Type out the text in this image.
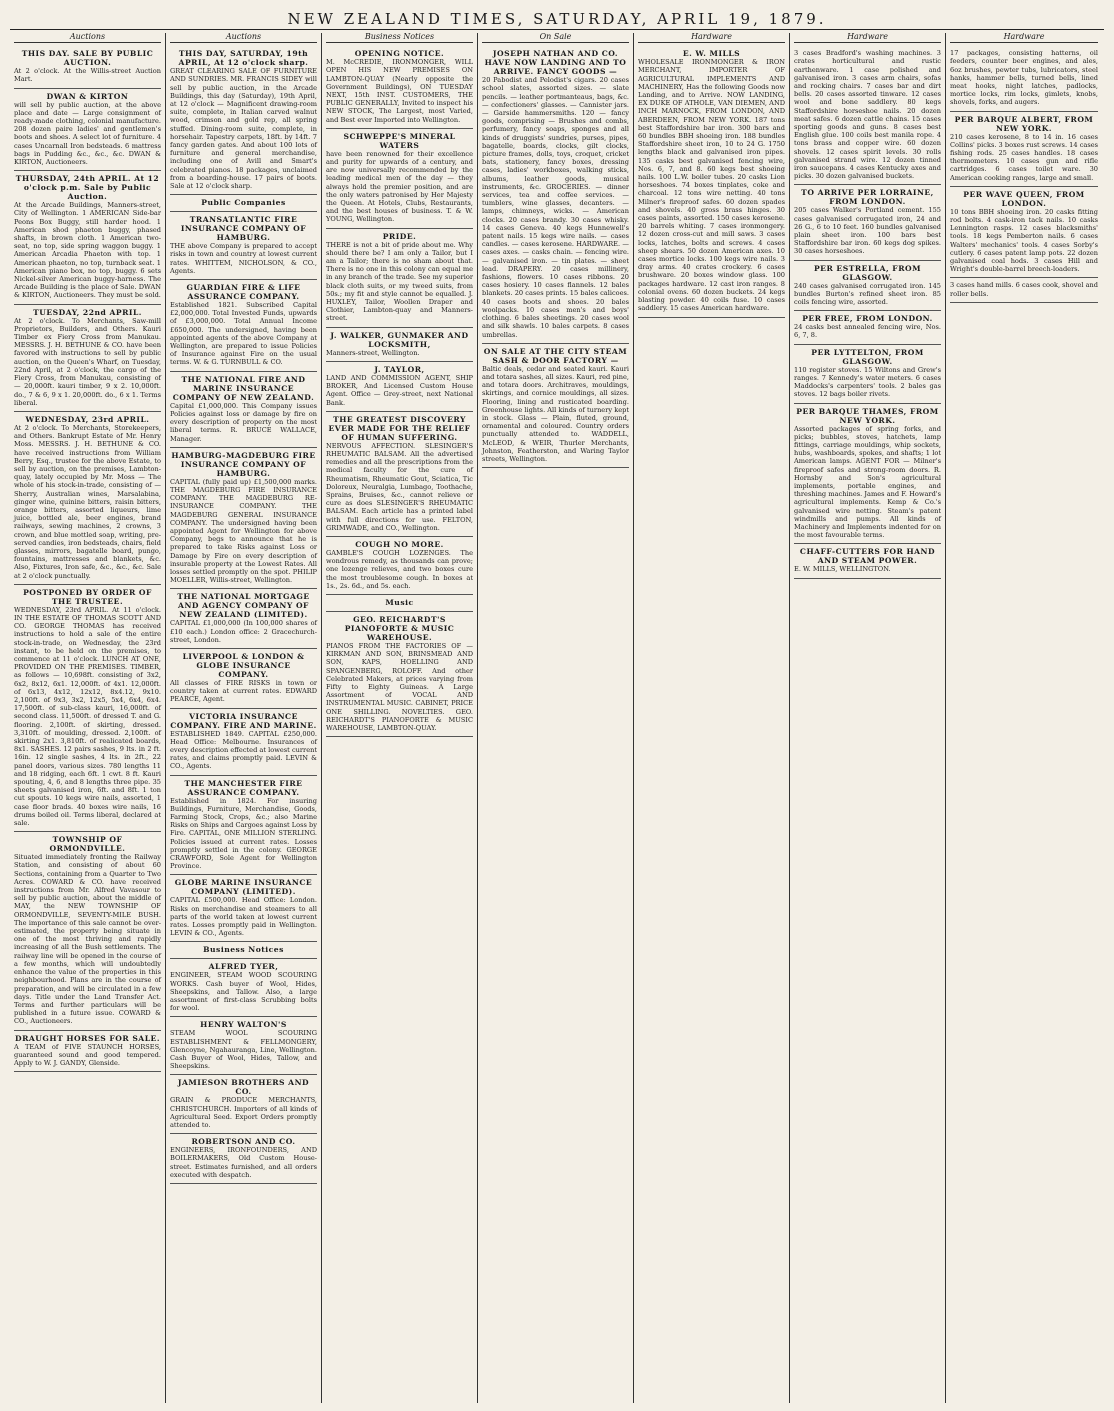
NEW ZEALAND TIMES, SATURDAY, APRIL 19, 1879.
Auctions
THIS DAY. SALE BY PUBLIC AUCTION.
At 2 o'clock. At the Willis-street Auction Mart.
DWAN & KIRTON
will sell by public auction, at the above place and date — Large consignment of ready-made clothing, colonial manufacture. 208 dozen paire ladies' and gentlemen's boots and shoes. A select lot of furniture. 4 cases Uncarnall Iron bedsteads. 6 mattress bags in Pudding &c., &c., &c. DWAN & KIRTON, Auctioneers.
THURSDAY, 24th APRIL. At 12 o'clock p.m. Sale by Public Auction.
At the Arcade Buildings, Manners-street, City of Wellington. 1 AMERICAN Side-bar Peons Box Buggy, still harder hood. 1 American shod phaeton buggy, phased shafts, in brown cloth. 1 American two-seat, no top, side spring waggon buggy. 1 American Arcadia Phaeton with top. 1 American phaeton, no top, turnback seat. 1 American piano box, no top, buggy. 6 sets Nickel-silver American buggy-harness. The Arcade Building is the place of Sale. DWAN & KIRTON, Auctioneers. They must be sold.
TUESDAY, 22nd APRIL.
At 2 o'clock. To Merchants, Saw-mill Proprietors, Builders, and Others. Kauri Timber ex Fiery Cross from Manukau. MESSRS. J. H. BETHUNE & CO. have been favored with instructions to sell by public auction, on the Queen's Wharf, on Tuesday, 22nd April, at 2 o'clock, the cargo of the Fiery Cross, from Manukau, consisting of — 20,000ft. kauri timber, 9 x 2. 10,000ft. do., 7 & 6, 9 x 1. 20,000ft. do., 6 x 1. Terms liberal.
WEDNESDAY, 23rd APRIL.
At 2 o'clock. To Merchants, Storekeepers, and Others. Bankrupt Estate of Mr. Henry Moss. MESSRS. J. H. BETHUNE & CO. have received instructions from William Berry, Esq., trustee for the above Estate, to sell by auction, on the premises, Lambton-quay, lately occupied by Mr. Moss — The whole of his stock-in-trade, consisting of — Sherry, Australian wines, Marsalabina, ginger wine, quinine bitters, raisin bitters, orange bitters, assorted liqueurs, lime juice, bottled ale, beer engines, brand railways, sewing machines, 2 crowns, 3 crown, and blue mottled soap, writing, pre-served candies, iron bedsteads, chairs, field glasses, mirrors, bagatelle board, pungo, fountains, mattresses and blankets, &c. Also, Fixtures, Iron safe, &c., &c., &c. Sale at 2 o'clock punctually.
POSTPONED BY ORDER OF THE TRUSTEE.
WEDNESDAY, 23rd APRIL. At 11 o'clock. IN THE ESTATE OF THOMAS SCOTT AND CO. GEORGE THOMAS has received instructions to hold a sale of the entire stock-in-trade, on Wednesday, the 23rd instant, to be held on the premises, to commence at 11 o'clock. LUNCH AT ONE, PROVIDED ON THE PREMISES. TIMBER, as follows — 10,698ft. consisting of 3x2, 6x2, 8x12, 6x1. 12,000ft. of 4x1. 12,000ft. of 6x13, 4x12, 12x12, 8x4.12, 9x10. 2,100ft. of 9x3, 3x2, 12x5, 5x4, 6x4, 6x4. 17,500ft. of sub-class kauri, 16,000ft. of second class. 11,500ft. of dressed T. and G. flooring. 2,100ft. of skirting, dressed. 3,310ft. of moulding, dressed. 2,100ft. of skirting 2x1. 3,810ft. of realicated boards, 8x1. SASHES. 12 pairs sashes, 9 lts. in 2 ft. 16in. 12 single sashes, 4 lts. in 2ft., 22 panel doors, various sizes. 780 lengths 11 and 18 ridging, each 6ft. 1 cwt. 8 ft. Kauri spouting, 4, 6, and 8 lengths three pipe. 35 sheets galvanised iron, 6ft. and 8ft. 1 ton cut spouts. 10 kegs wire nails, assorted, 1 case floor brads. 40 boxes wire nails, 16 drums boiled oil. Terms liberal, declared at sale.
TOWNSHIP OF ORMONDVILLE.
Situated immediately fronting the Railway Station, and consisting of about 60 Sections, containing from a Quarter to Two Acres. COWARD & CO. have received instructions from Mr. Alfred Vavasour to sell by public auction, about the middle of MAY, the NEW TOWNSHIP OF ORMONDVILLE, SEVENTY-MILE BUSH. The importance of this sale cannot be over-estimated, the property being situate in one of the most thriving and rapidly increasing of all the Bush settlements. The railway line will be opened in the course of a few months, which will undoubtedly enhance the value of the properties in this neighbourhood. Plans are in the course of preparation, and will be circulated in a few days. Title under the Land Transfer Act. Terms and further particulars will be published in a future issue. COWARD & CO., Auctioneers.
DRAUGHT HORSES FOR SALE.
A TEAM of FIVE STAUNCH HORSES, guaranteed sound and good tempered. Apply to W. J. GANDY, Glenside.
Auctions
THIS DAY, SATURDAY, 19th APRIL, At 12 o'clock sharp.
GREAT CLEARING SALE OF FURNITURE AND SUNDRIES. MR. FRANCIS SIDEY will sell by public auction, in the Arcade Buildings, this day (Saturday), 19th April, at 12 o'clock — Magnificent drawing-room suite, complete, in Italian carved walnut wood, crimson and gold rep, all spring stuffed. Dining-room suite, complete, in horsehair. Tapestry carpets, 18ft. by 14ft. 7 fancy garden gates. And about 100 lots of furniture and general merchandise, including one of Avill and Smart's celebrated pianos. 18 packages, unclaimed from a boarding-house. 17 pairs of boots. Sale at 12 o'clock sharp.
Public Companies
TRANSATLANTIC FIRE INSURANCE COMPANY OF HAMBURG.
THE above Company is prepared to accept risks in town and country at lowest current rates. WHITTEM, NICHOLSON, & CO., Agents.
GUARDIAN FIRE & LIFE ASSURANCE COMPANY.
Established 1821. Subscribed Capital £2,000,000. Total Invested Funds, upwards of £3,000,000. Total Annual Income £650,000. The undersigned, having been appointed agents of the above Company at Wellington, are prepared to issue Policies of Insurance against Fire on the usual terms. W. & G. TURNBULL & CO.
THE NATIONAL FIRE AND MARINE INSURANCE COMPANY OF NEW ZEALAND.
Capital £1,000,000. This Company issues Policies against loss or damage by fire on every description of property on the most liberal terms. R. BRUCE WALLACE, Manager.
HAMBURG-MAGDEBURG FIRE INSURANCE COMPANY OF HAMBURG.
CAPITAL (fully paid up) £1,500,000 marks. THE MAGDEBURG FIRE INSURANCE COMPANY. THE MAGDEBURG RE-INSURANCE COMPANY. THE MAGDEBURG GENERAL INSURANCE COMPANY. The undersigned having been appointed Agent for Wellington for above Company, begs to announce that he is prepared to take Risks against Loss or Damage by Fire on every description of insurable property at the Lowest Rates. All losses settled promptly on the spot. PHILIP MOELLER, Willis-street, Wellington.
THE NATIONAL MORTGAGE AND AGENCY COMPANY OF NEW ZEALAND (LIMITED).
CAPITAL £1,000,000 (In 100,000 shares of £10 each.) London office: 2 Gracechurch-street, London.
LIVERPOOL & LONDON & GLOBE INSURANCE COMPANY.
All classes of FIRE RISKS in town or country taken at current rates. EDWARD PEARCE, Agent.
VICTORIA INSURANCE COMPANY. FIRE AND MARINE.
ESTABLISHED 1849. CAPITAL £250,000. Head Office: Melbourne. Insurances of every description effected at lowest current rates, and claims promptly paid. LEVIN & CO., Agents.
THE MANCHESTER FIRE ASSURANCE COMPANY.
Established in 1824. For insuring Buildings, Furniture, Merchandise, Goods, Farming Stock, Crops, &c.; also Marine Risks on Ships and Cargoes against Loss by Fire. CAPITAL, ONE MILLION STERLING. Policies issued at current rates. Losses promptly settled in the colony. GEORGE CRAWFORD, Sole Agent for Wellington Province.
GLOBE MARINE INSURANCE COMPANY (LIMITED).
CAPITAL £500,000. Head Office: London. Risks on merchandise and steamers to all parts of the world taken at lowest current rates. Losses promptly paid in Wellington. LEVIN & CO., Agents.
Business Notices
ALFRED TYER,
ENGINEER, STEAM WOOD SCOURING WORKS. Cash buyer of Wool, Hides, Sheepskins, and Tallow. Also, a large assortment of first-class Scrubbing bolts for wool.
HENRY WALTON'S
STEAM WOOL SCOURING ESTABLISHMENT & FELLMONGERY, Glencoyne, Ngahauranga, Line, Wellington. Cash Buyer of Wool, Hides, Tallow, and Sheepskins.
JAMIESON BROTHERS AND CO.
GRAIN & PRODUCE MERCHANTS, CHRISTCHURCH. Importers of all kinds of Agricultural Seed. Export Orders promptly attended to.
ROBERTSON AND CO.
ENGINEERS, IRONFOUNDERS, AND BOILERMAKERS, Old Custom House-street. Estimates furnished, and all orders executed with despatch.
Business Notices
OPENING NOTICE.
M. McCREDIE, IRONMONGER, WILL OPEN HIS NEW PREMISES ON LAMBTON-QUAY (Nearly opposite the Government Buildings), ON TUESDAY NEXT, 15th INST. CUSTOMERS, THE PUBLIC GENERALLY, Invited to inspect his NEW STOCK, The Largest, most Varied, and Best ever Imported into Wellington.
SCHWEPPE'S MINERAL WATERS
have been renowned for their excellence and purity for upwards of a century, and are now universally recommended by the leading medical men of the day — they always hold the premier position, and are the only waters patronised by Her Majesty the Queen. At Hotels, Clubs, Restaurants, and the best houses of business. T. & W. YOUNG, Wellington.
PRIDE.
THERE is not a bit of pride about me. Why should there be? I am only a Tailor, but I am a Tailor; there is no sham about that. There is no one in this colony can equal me in any branch of the trade. See my superior black cloth suits, or my tweed suits, from 50s.; my fit and style cannot be equalled. J. HUXLEY, Tailor, Woollen Draper and Clothier, Lambton-quay and Manners-street.
J. WALKER, GUNMAKER AND LOCKSMITH,
Manners-street, Wellington.
J. TAYLOR,
LAND AND COMMISSION AGENT, SHIP BROKER, And Licensed Custom House Agent. Office — Grey-street, next National Bank.
THE GREATEST DISCOVERY EVER MADE FOR THE RELIEF OF HUMAN SUFFERING.
NERVOUS AFFECTION. SLESINGER'S RHEUMATIC BALSAM. All the advertised remedies and all the prescriptions from the medical faculty for the cure of Rheumatism, Rheumatic Gout, Sciatica, Tic Doloreux, Neuralgia, Lumbago, Toothache, Sprains, Bruises, &c., cannot relieve or cure as does SLESINGER'S RHEUMATIC BALSAM. Each article has a printed label with full directions for use. FELTON, GRIMWADE, and CO., Wellington.
COUGH NO MORE.
GAMBLE'S COUGH LOZENGES. The wondrous remedy, as thousands can prove; one lozenge relieves, and two boxes cure the most troublesome cough. In boxes at 1s., 2s. 6d., and 5s. each.
Music
GEO. REICHARDT'S PIANOFORTE & MUSIC WAREHOUSE.
PIANOS FROM THE FACTORIES OF — KIRKMAN AND SON, BRINSMEAD AND SON, KAPS, HOELLING AND SPANGENBERG, ROLOFF. And other Celebrated Makers, at prices varying from Fifty to Eighty Guineas. A Large Assortment of VOCAL AND INSTRUMENTAL MUSIC. CABINET, PRICE ONE SHILLING. NOVELTIES. GEO. REICHARDT'S PIANOFORTE & MUSIC WAREHOUSE, LAMBTON-QUAY.
On Sale
JOSEPH NATHAN AND CO. HAVE NOW LANDING AND TO ARRIVE. FANCY GOODS —
20 Pabodist and Pelodist's cigars. 20 cases school slates, assorted sizes. — slate pencils. — leather portmanteaus, bags, &c. — confectioners' glasses. — Cannister jars. — Garside hammersmiths. 120 — fancy goods, comprising — Brushes and combs, perfumery, fancy soaps, sponges and all kinds of druggists' sundries, purses, pipes, bagatelle, boards, clocks, gilt clocks, picture frames, dolls, toys, croquet, cricket bats, stationery, fancy boxes, dressing cases, ladies' workboxes, walking sticks, albums, leather goods, musical instruments, &c. GROCERIES. — dinner services, tea and coffee services. — tumblers, wine glasses, decanters. — lamps, chimneys, wicks. — American clocks. 20 cases brandy. 30 cases whisky. 14 cases Geneva. 40 kegs Hunnewell's patent nails. 15 kegs wire nails. — cases candles. — cases kerosene. HARDWARE. — cases axes. — casks chain. — fencing wire. — galvanised iron. — tin plates. — sheet lead. DRAPERY. 20 cases millinery, fashions, flowers. 10 cases ribbons. 20 cases hosiery. 10 cases flannels. 12 bales blankets. 20 cases prints. 15 bales calicoes. 40 cases boots and shoes. 20 bales woolpacks. 10 cases men's and boys' clothing. 6 bales sheetings. 20 cases wool and silk shawls. 10 bales carpets. 8 cases umbrellas.
ON SALE AT THE CITY STEAM SASH & DOOR FACTORY —
Baltic deals, cedar and seated kauri. Kauri and totara sashes, all sizes. Kauri, red pine, and totara doors. Architraves, mouldings, skirtings, and cornice mouldings, all sizes. Flooring, lining and rusticated boarding. Greenhouse lights. All kinds of turnery kept in stock. Glass — Plain, fluted, ground, ornamental and coloured. Country orders punctually attended to. WADDELL, McLEOD, & WEIR, Thurler Merchants, Johnston, Featherston, and Waring Taylor streets, Wellington.
Hardware
E. W. MILLS
WHOLESALE IRONMONGER & IRON MERCHANT, IMPORTER OF AGRICULTURAL IMPLEMENTS AND MACHINERY, Has the following Goods now Landing, and to Arrive. NOW LANDING, EX DUKE OF ATHOLE, VAN DIEMEN, AND INCH MARNOCK, FROM LONDON, AND ABERDEEN, FROM NEW YORK. 187 tons best Staffordshire bar iron. 300 bars and 60 bundles BBH shoeing iron. 188 bundles Staffordshire sheet iron, 10 to 24 G. 1750 lengths black and galvanised iron pipes. 135 casks best galvanised fencing wire, Nos. 6, 7, and 8. 60 kegs best shoeing nails. 100 L.W. boiler tubes. 20 casks Lion horseshoes. 74 boxes tinplates, coke and charcoal. 12 tons wire netting. 40 tons Milner's fireproof safes. 60 dozen spades and shovels. 40 gross brass hinges. 30 cases paints, assorted. 150 cases kerosene. 20 barrels whiting. 7 cases ironmongery. 12 dozen cross-cut and mill saws. 3 cases locks, latches, bolts and screws. 4 cases sheep shears. 50 dozen American axes. 10 cases mortice locks. 100 kegs wire nails. 3 dray arms. 40 crates crockery. 6 cases brushware. 20 boxes window glass. 100 packages hardware. 12 cast iron ranges. 8 colonial ovens. 60 dozen buckets. 24 kegs blasting powder. 40 coils fuse. 10 cases saddlery. 15 cases American hardware.
Hardware
3 cases Bradford's washing machines. 3 crates horticultural and rustic earthenware. 1 case polished and galvanised iron. 3 cases arm chairs, sofas and rocking chairs. 7 cases bar and dirt bells. 20 cases assorted tinware. 12 cases wool and bone saddlery. 80 kegs Staffordshire horseshoe nails. 20 dozen meat safes. 6 dozen cattle chains. 15 cases sporting goods and guns. 8 cases best English glue. 100 coils best manila rope. 4 tons brass and copper wire. 60 dozen shovels. 12 cases spirit levels. 30 rolls galvanised strand wire. 12 dozen tinned iron saucepans. 4 cases Kentucky axes and picks. 30 dozen galvanised buckets.
TO ARRIVE PER LORRAINE, FROM LONDON.
205 cases Walker's Portland cement. 155 cases galvanised corrugated iron, 24 and 26 G., 6 to 10 feet. 160 bundles galvanised plain sheet iron. 100 bars best Staffordshire bar iron. 60 kegs dog spikes. 30 cases horseshoes.
PER ESTRELLA, FROM GLASGOW.
240 cases galvanised corrugated iron. 145 bundles Burton's refined sheet iron. 85 coils fencing wire, assorted.
PER FREE, FROM LONDON.
24 casks best annealed fencing wire, Nos. 6, 7, 8.
PER LYTTELTON, FROM GLASGOW.
110 register stoves. 15 Wiltons and Grew's ranges. 7 Kennedy's water meters. 6 cases Maddocks's carpenters' tools. 2 bales gas stoves. 12 bags boiler rivets.
PER BARQUE THAMES, FROM NEW YORK.
Assorted packages of spring forks, and picks; bubbles, stoves, hatchets, lamp fittings, carriage mouldings, whip sockets, hubs, washboards, spokes, and shafts; 1 lot American lamps. AGENT FOR — Milner's fireproof safes and strong-room doors. R. Hornsby and Son's agricultural implements, portable engines, and threshing machines. James and F. Howard's agricultural implements. Kemp & Co.'s galvanised wire netting. Steam's patent windmills and pumps. All kinds of Machinery and Implements indented for on the most favourable terms.
CHAFF-CUTTERS FOR HAND AND STEAM POWER.
E. W. MILLS, WELLINGTON.
Hardware
17 packages, consisting hatterns, oil feeders, counter beer engines, and ales, 6oz brushes, pewter tubs, lubricators, steel hanks, hammer bells, turned bells, lined meat hooks, night latches, padlocks, mortice locks, rim locks, gimlets, knobs, shovels, forks, and augers.
PER BARQUE ALBERT, FROM NEW YORK.
210 cases kerosene, 8 to 14 in. 16 cases Collins' picks. 3 boxes rust screws. 14 cases fishing rods. 25 cases handles. 18 cases thermometers. 10 cases gun and rifle cartridges. 6 cases toilet ware. 30 American cooking ranges, large and small.
PER WAVE QUEEN, FROM LONDON.
10 tons BBH shoeing iron. 20 casks fitting rod bolts. 4 cask-iron tack nails. 10 casks Lennington rasps. 12 cases blacksmiths' tools. 18 kegs Pemberton nails. 6 cases Walters' mechanics' tools. 4 cases Sorby's cutlery. 6 cases patent lamp pots. 22 dozen galvanised coal hods. 3 cases Hill and Wright's double-barrel breech-loaders.
3 cases hand mills. 6 cases cook, shovel and roller bells.
